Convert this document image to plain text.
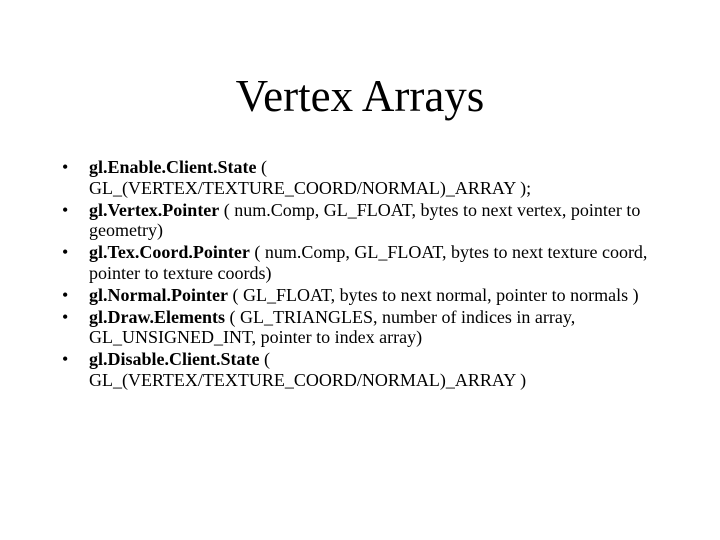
Vertex Arrays
• gl.Enable.Client.State ( GL_(VERTEX/TEXTURE_COORD/NORMAL)_ARRAY );
• gl.Vertex.Pointer ( num.Comp, GL_FLOAT, bytes to next vertex, pointer to geometry)
• gl.Tex.Coord.Pointer ( num.Comp, GL_FLOAT, bytes to next texture coord, pointer to texture coords)
• gl.Normal.Pointer ( GL_FLOAT, bytes to next normal, pointer to normals )
• gl.Draw.Elements ( GL_TRIANGLES, number of indices in array, GL_UNSIGNED_INT, pointer to index array)
• gl.Disable.Client.State ( GL_(VERTEX/TEXTURE_COORD/NORMAL)_ARRAY )
